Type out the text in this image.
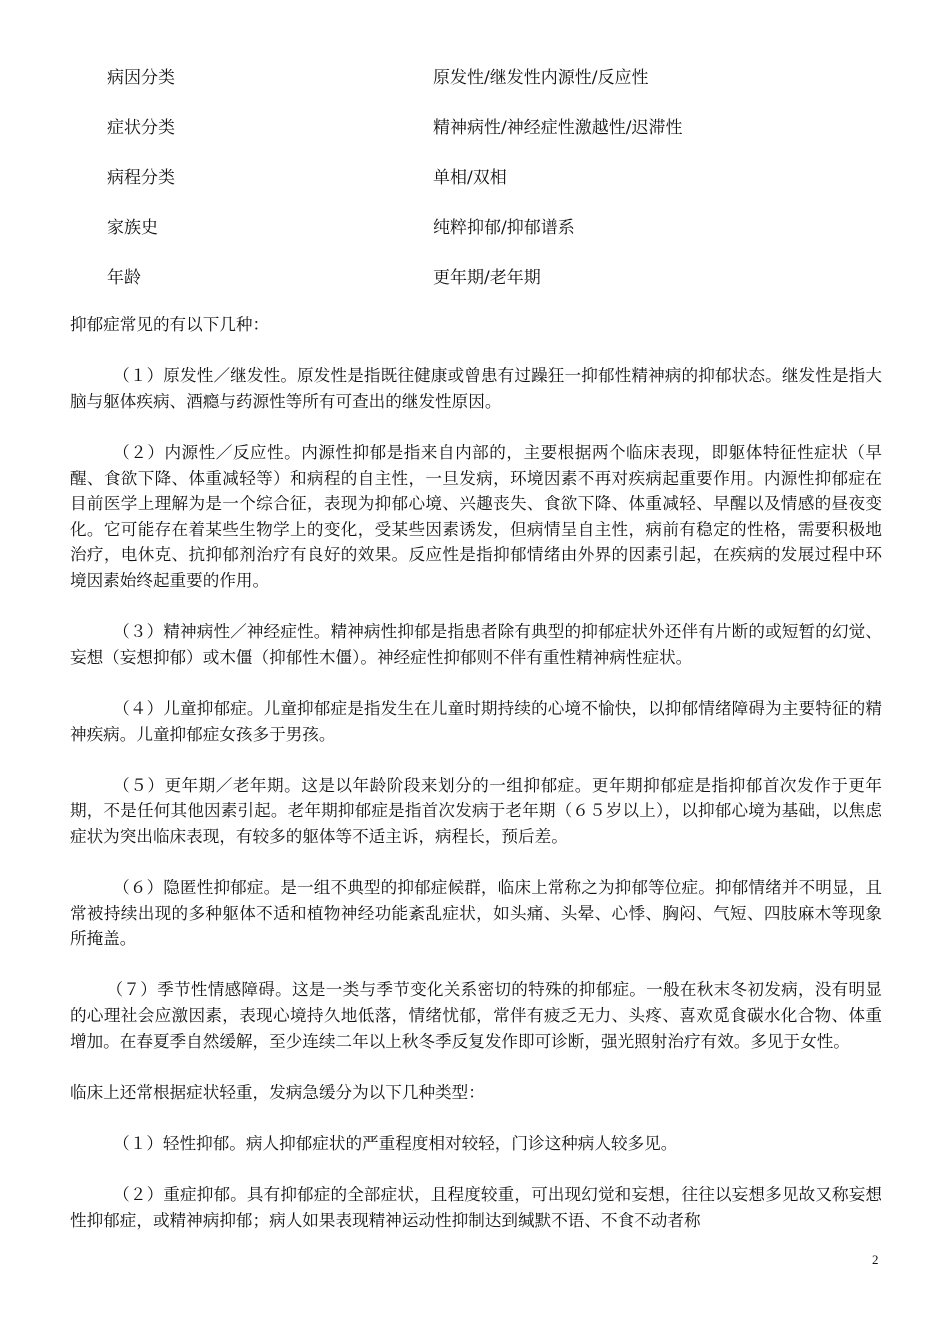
病因分类	原发性/继发性内源性/反应性
症状分类	精神病性/神经症性激越性/迟滞性
病程分类	单相/双相
家族史	纯粹抑郁/抑郁谱系
年龄	更年期/老年期

抑郁症常见的有以下几种：

（１）原发性／继发性。原发性是指既往健康或曾患有过躁狂一抑郁性精神病的抑郁状态。继发性是指大脑与躯体疾病、酒瘾与药源性等所有可查出的继发性原因。

（２）内源性／反应性。内源性抑郁是指来自内部的，主要根据两个临床表现，即躯体特征性症状（早醒、食欲下降、体重减轻等）和病程的自主性，一旦发病，环境因素不再对疾病起重要作用。内源性抑郁症在目前医学上理解为是一个综合征，表现为抑郁心境、兴趣丧失、食欲下降、体重减轻、早醒以及情感的昼夜变化。它可能存在着某些生物学上的变化，受某些因素诱发，但病情呈自主性，病前有稳定的性格，需要积极地治疗，电休克、抗抑郁剂治疗有良好的效果。反应性是指抑郁情绪由外界的因素引起，在疾病的发展过程中环境因素始终起重要的作用。

（３）精神病性／神经症性。精神病性抑郁是指患者除有典型的抑郁症状外还伴有片断的或短暂的幻觉、妄想（妄想抑郁）或木僵（抑郁性木僵）。神经症性抑郁则不伴有重性精神病性症状。

（４）儿童抑郁症。儿童抑郁症是指发生在儿童时期持续的心境不愉快，以抑郁情绪障碍为主要特征的精神疾病。儿童抑郁症女孩多于男孩。

（５）更年期／老年期。这是以年龄阶段来划分的一组抑郁症。更年期抑郁症是指抑郁首次发作于更年期，不是任何其他因素引起。老年期抑郁症是指首次发病于老年期（６５岁以上），以抑郁心境为基础，以焦虑症状为突出临床表现，有较多的躯体等不适主诉，病程长，预后差。

（６）隐匿性抑郁症。是一组不典型的抑郁症候群，临床上常称之为抑郁等位症。抑郁情绪并不明显，且常被持续出现的多种躯体不适和植物神经功能紊乱症状，如头痛、头晕、心悸、胸闷、气短、四肢麻木等现象所掩盖。

（７）季节性情感障碍。这是一类与季节变化关系密切的特殊的抑郁症。一般在秋末冬初发病，没有明显的心理社会应激因素，表现心境持久地低落，情绪忧郁，常伴有疲乏无力、头疼、喜欢觅食碳水化合物、体重增加。在春夏季自然缓解，至少连续二年以上秋冬季反复发作即可诊断，强光照射治疗有效。多见于女性。

临床上还常根据症状轻重，发病急缓分为以下几种类型：

（１）轻性抑郁。病人抑郁症状的严重程度相对较轻，门诊这种病人较多见。

（２）重症抑郁。具有抑郁症的全部症状，且程度较重，可出现幻觉和妄想，往往以妄想多见故又称妄想性抑郁症，或精神病抑郁；病人如果表现精神运动性抑制达到缄默不语、不食不动者称

2
